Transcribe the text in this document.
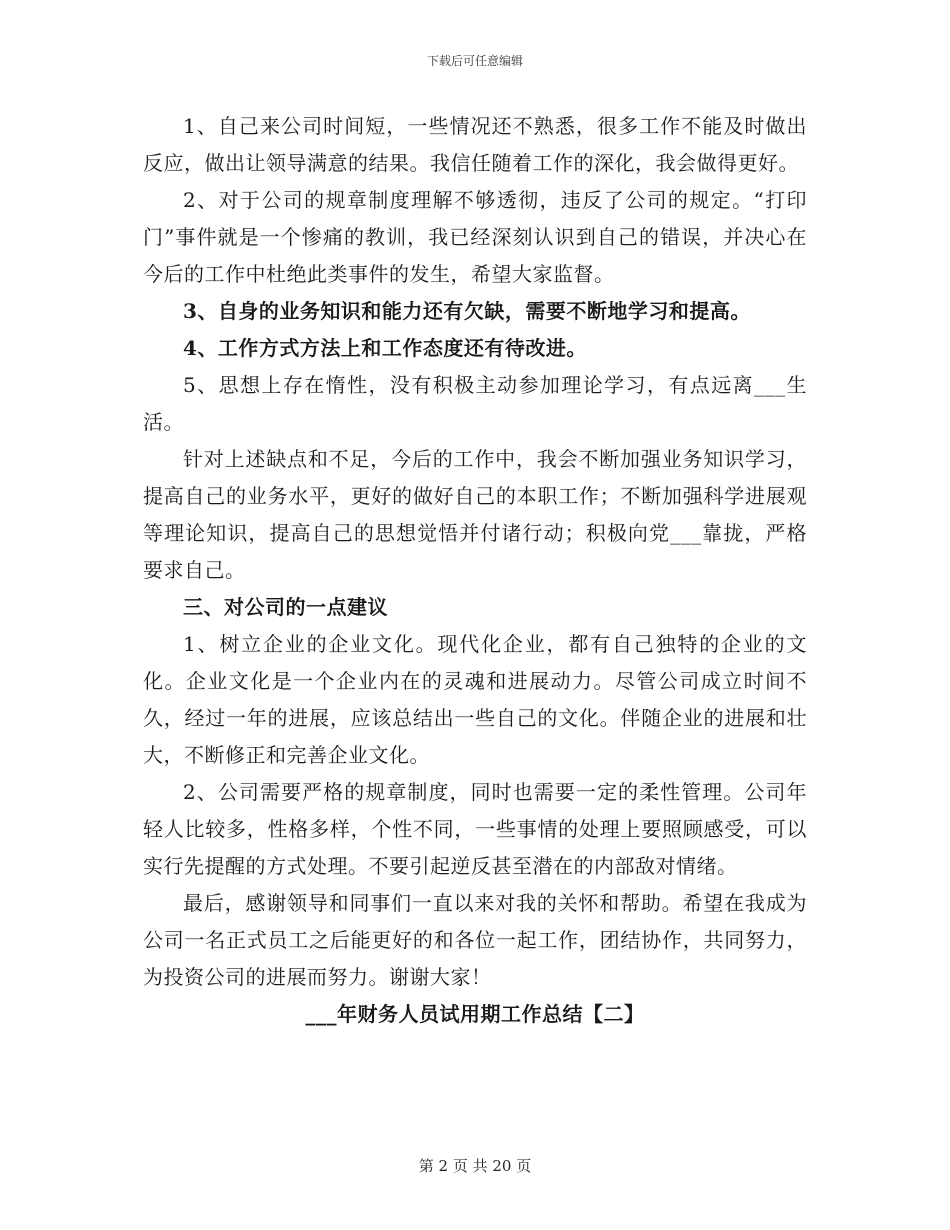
下载后可任意编辑

1、自己来公司时间短，一些情况还不熟悉，很多工作不能及时做出反应，做出让领导满意的结果。我信任随着工作的深化，我会做得更好。

2、对于公司的规章制度理解不够透彻，违反了公司的规定。“打印门”事件就是一个惨痛的教训，我已经深刻认识到自己的错误，并决心在今后的工作中杜绝此类事件的发生，希望大家监督。

3、自身的业务知识和能力还有欠缺，需要不断地学习和提高。

4、工作方式方法上和工作态度还有待改进。

5、思想上存在惰性，没有积极主动参加理论学习，有点远离___生活。

针对上述缺点和不足，今后的工作中，我会不断加强业务知识学习，提高自己的业务水平，更好的做好自己的本职工作；不断加强科学进展观等理论知识，提高自己的思想觉悟并付诸行动；积极向党___靠拢，严格要求自己。

三、对公司的一点建议

1、树立企业的企业文化。现代化企业，都有自己独特的企业的文化。企业文化是一个企业内在的灵魂和进展动力。尽管公司成立时间不久，经过一年的进展，应该总结出一些自己的文化。伴随企业的进展和壮大，不断修正和完善企业文化。

2、公司需要严格的规章制度，同时也需要一定的柔性管理。公司年轻人比较多，性格多样，个性不同，一些事情的处理上要照顾感受，可以实行先提醒的方式处理。不要引起逆反甚至潜在的内部敌对情绪。

最后，感谢领导和同事们一直以来对我的关怀和帮助。希望在我成为公司一名正式员工之后能更好的和各位一起工作，团结协作，共同努力，为投资公司的进展而努力。谢谢大家！

___年财务人员试用期工作总结【二】

第 2 页 共 20 页
